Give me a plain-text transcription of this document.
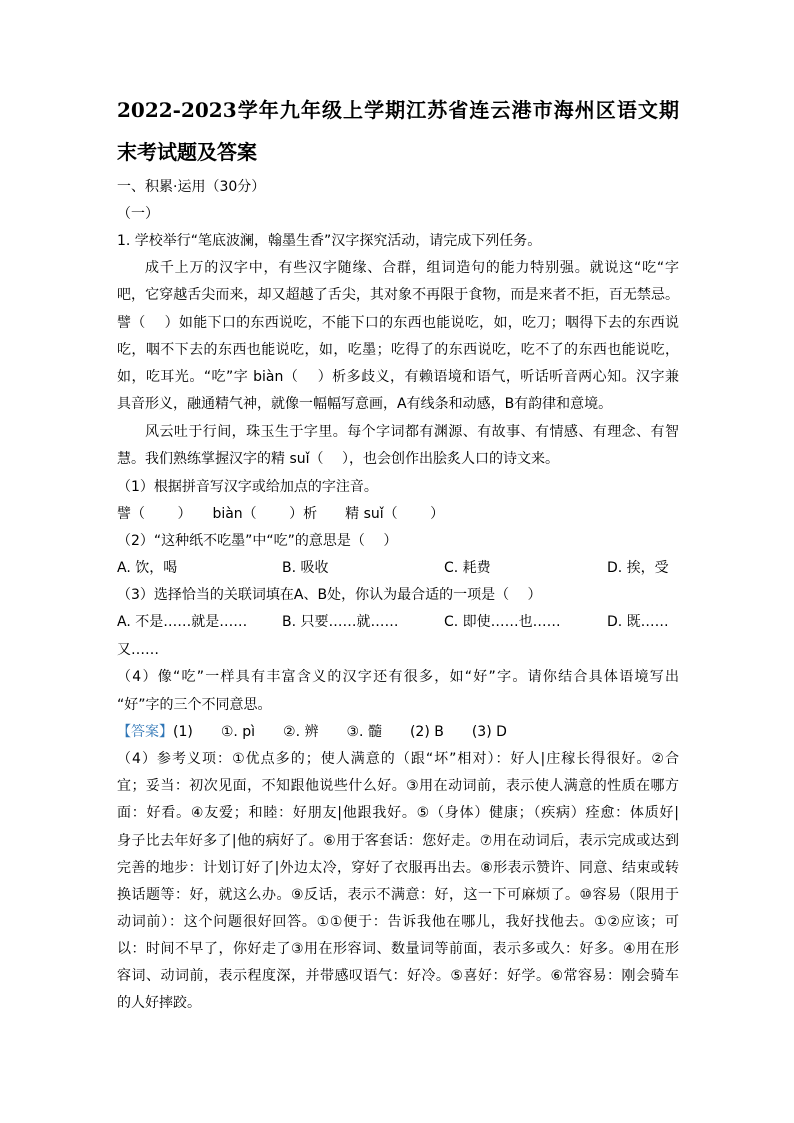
2022-2023学年九年级上学期江苏省连云港市海州区语文期
末考试题及答案
一、积累·运用（30分）
（一）
1. 学校举行“笔底波澜，翰墨生香”汉字探究活动，请完成下列任务。
成千上万的汉字中，有些汉字随缘、合群，组词造句的能力特别强。就说这“吃“字
吧，它穿越舌尖而来，却又超越了舌尖，其对象不再限于食物，而是来者不拒，百无禁忌。
譬（　 ）如能下口的东西说吃，不能下口的东西也能说吃，如，吃刀；咽得下去的东西说
吃，咽不下去的东西也能说吃，如，吃墨；吃得了的东西说吃，吃不了的东西也能说吃，
如，吃耳光。“吃”字 biàn（　 ）析多歧义，有赖语境和语气，听话听音两心知。汉字兼
具音形义，融通精气神，就像一幅幅写意画，A有线条和动感，B有韵律和意境。
风云吐于行间，珠玉生于字里。每个字词都有渊源、有故事、有情感、有理念、有智
慧。我们熟练掌握汉字的精 suǐ（　 ），也会创作出脍炙人口的诗文来。
（1）根据拼音写汉字或给加点的字注音。
譬（　　 ）　　biàn（　　 ）析　　精 suǐ（　　 ）
（2）“这种纸不吃墨”中“吃”的意思是（　 ）
A. 饮，喝	B. 吸收	C. 耗费	D. 挨，受
（3）选择恰当的关联词填在A、B处，你认为最合适的一项是（　 ）
A. 不是……就是…… B. 只要……就……	C. 即使……也……	D. 既……
又……
（4）像“吃”一样具有丰富含义的汉字还有很多，如“好”字。请你结合具体语境写出
“好”字的三个不同意思。
【答案】(1)　　①. pì　　②. 辨　　③. 髓　　(2) B　　(3) D
（4）参考义项：①优点多的；使人满意的（跟“坏”相对）：好人|庄稼长得很好。②合
宜；妥当：初次见面，不知跟他说些什么好。③用在动词前，表示使人满意的性质在哪方
面：好看。④友爱；和睦：好朋友|他跟我好。⑤（身体）健康；（疾病）痊愈：体质好|
身子比去年好多了|他的病好了。⑥用于客套话：您好走。⑦用在动词后，表示完成或达到
完善的地步：计划订好了|外边太冷，穿好了衣服再出去。⑧形表示赞许、同意、结束或转
换话题等：好，就这么办。⑨反话，表示不满意：好，这一下可麻烦了。⑩容易（限用于
动词前）：这个问题很好回答。①①便于：告诉我他在哪儿，我好找他去。①②应该；可
以：时间不早了，你好走了③用在形容词、数量词等前面，表示多或久：好多。④用在形
容词、动词前，表示程度深，并带感叹语气：好冷。⑤喜好：好学。⑥常容易：刚会骑车
的人好摔跤。
